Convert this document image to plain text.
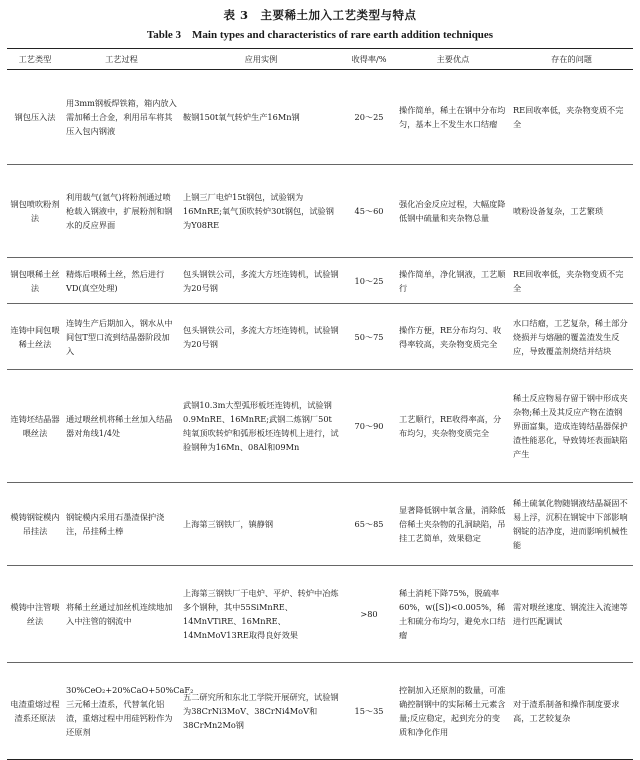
表 3　主要稀土加入工艺类型与特点
Table 3　Main types and characteristics of rare earth addition techniques
工艺类型	工艺过程	应用实例	收得率/%	主要优点	存在的问题
钢包压入法	用3mm钢板焊铁箱，箱内放入需加稀土合金，利用吊车将其压入包内钢液	鞍钢150t氧气转炉生产16Mn钢	20～25	操作简单，稀土在钢中分布均匀，基本上不发生水口结瘤	RE回收率低，夹杂物变质不完全
钢包喷吹粉剂法	利用载气(氩气)将粉剂通过喷枪载入钢液中，扩展粉剂和钢水的反应界面	上钢三厂电炉15t钢包，试验钢为16MnRE;氧气顶吹转炉30t钢包，试验钢为Y08RE	45～60	强化冶金反应过程，大幅度降低钢中硫量和夹杂物总量	喷粉设备复杂，工艺繁琐
钢包喂稀土丝法	精炼后喂稀土丝，然后进行VD(真空处理)	包头钢铁公司，多流大方坯连铸机，试验钢为20号钢	10～25	操作简单，净化钢液，工艺顺行	RE回收率低，夹杂物变质不完全
连铸中间包喂稀土丝法	连铸生产后期加入，钢水从中间包T型口流到结晶器阶段加入	包头钢铁公司，多流大方坯连铸机，试验钢为20号钢	50～75	操作方便，RE分布均匀、收得率较高，夹杂物变质完全	水口结瘤，工艺复杂，稀土部分烧损并与熔融的覆盖渣发生反应，导致覆盖剂烧结并结块
连铸坯结晶器喂丝法	通过喂丝机将稀土丝加入结晶器对角线1/4处	武钢10.3m大型弧形板坯连铸机，试验钢0.9MnRE、16MnRE;武钢二炼钢厂50t纯氧顶吹转炉和弧形板坯连铸机上进行，试验钢种为16Mn、08Al和09Mn	70～90	工艺顺行，RE收得率高，分布均匀，夹杂物变质完全	稀土反应物易存留于钢中形成夹杂物;稀土及其反应产物在渣钢界面富集，造成连铸结晶器保护渣性能恶化，导致铸坯表面缺陷产生
模铸钢锭模内吊挂法	钢锭模内采用石墨渣保护浇注，吊挂稀土棒	上海第三钢铁厂，镇静钢	65～85	显著降低钢中氧含量，消除低倍稀土夹杂物的孔洞缺陷，吊挂工艺简单，效果稳定	稀土硫氧化物随钢液结晶凝固不易上浮，沉积在钢锭中下部影响钢锭的洁净度，进而影响机械性能
模铸中注管喂丝法	将稀土丝通过加丝机连续地加入中注管的钢流中	上海第三钢铁厂于电炉、平炉、转炉中冶炼多个钢种，其中55SiMnRE、14MnVTiRE、16MnRE、14MnMoV13RE取得良好效果	>80	稀土消耗下降75%，脱硫率60%，w([S])<0.005%，稀土和硫分布均匀，避免水口结瘤	需对喂丝速度、钢流注入流速等进行匹配调试
电渣重熔过程渣系还原法	30%CeO₂+20%CaO+50%CaF₂三元稀土渣系，代替氧化铝渣，重熔过程中用硅钙粉作为还原剂	五二研究所和东北工学院开展研究，试验钢为38CrNi3MoV、38CrNi4MoV和38CrMn2Mo钢	15～35	控制加入还原剂的数量，可准确控制钢中的实际稀土元素含量;反应稳定，起到充分的变质和净化作用	对于渣系制备和操作制度要求高，工艺较复杂
